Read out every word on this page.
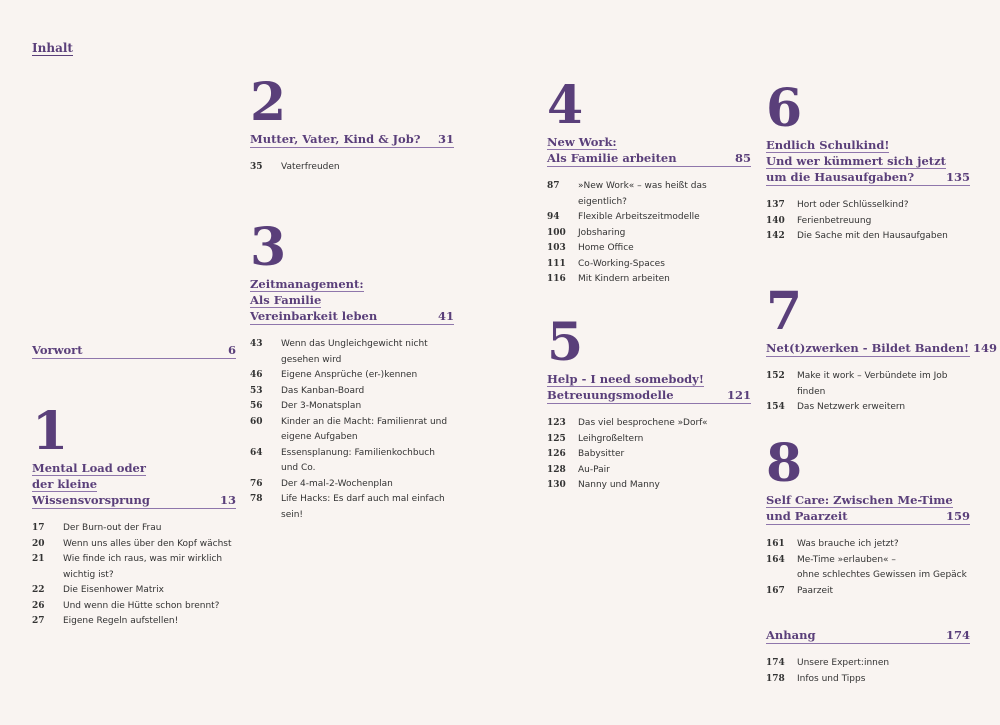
Inhalt
Vorwort	6
1
Mental Load oder
der kleine
Wissensvorsprung	13
17	Der Burn-out der Frau
20	Wenn uns alles über den Kopf wächst
21	Wie finde ich raus, was mir wirklich
wichtig ist?
22	Die Eisenhower Matrix
26	Und wenn die Hütte schon brennt?
27	Eigene Regeln aufstellen!
2
Mutter, Vater, Kind & Job?	31
35	Vaterfreuden
3
Zeitmanagement:
Als Familie
Vereinbarkeit leben	41
43	Wenn das Ungleichgewicht nicht
gesehen wird
46	Eigene Ansprüche (er-)kennen
53	Das Kanban-Board
56	Der 3-Monatsplan
60	Kinder an die Macht: Familienrat und
eigene Aufgaben
64	Essensplanung: Familienkochbuch
und Co.
76	Der 4-mal-2-Wochenplan
78	Life Hacks: Es darf auch mal einfach
sein!
4
New Work:
Als Familie arbeiten	85
87	»New Work« – was heißt das eigentlich?
94	Flexible Arbeitszeitmodelle
100	Jobsharing
103	Home Office
111	Co-Working-Spaces
116	Mit Kindern arbeiten
5
Help - I need somebody!
Betreuungsmodelle	121
123	Das viel besprochene »Dorf«
125	Leihgroßeltern
126	Babysitter
128	Au-Pair
130	Nanny und Manny
6
Endlich Schulkind!
Und wer kümmert sich jetzt
um die Hausaufgaben?	135
137	Hort oder Schlüsselkind?
140	Ferienbetreuung
142	Die Sache mit den Hausaufgaben
7
Net(t)zwerken - Bildet Banden! 149
152	Make it work – Verbündete im Job finden
154	Das Netzwerk erweitern
8
Self Care: Zwischen Me-Time
und Paarzeit	159
161	Was brauche ich jetzt?
164	Me-Time »erlauben« –
ohne schlechtes Gewissen im Gepäck
167	Paarzeit
Anhang	174
174	Unsere Expert:innen
178	Infos und Tipps
